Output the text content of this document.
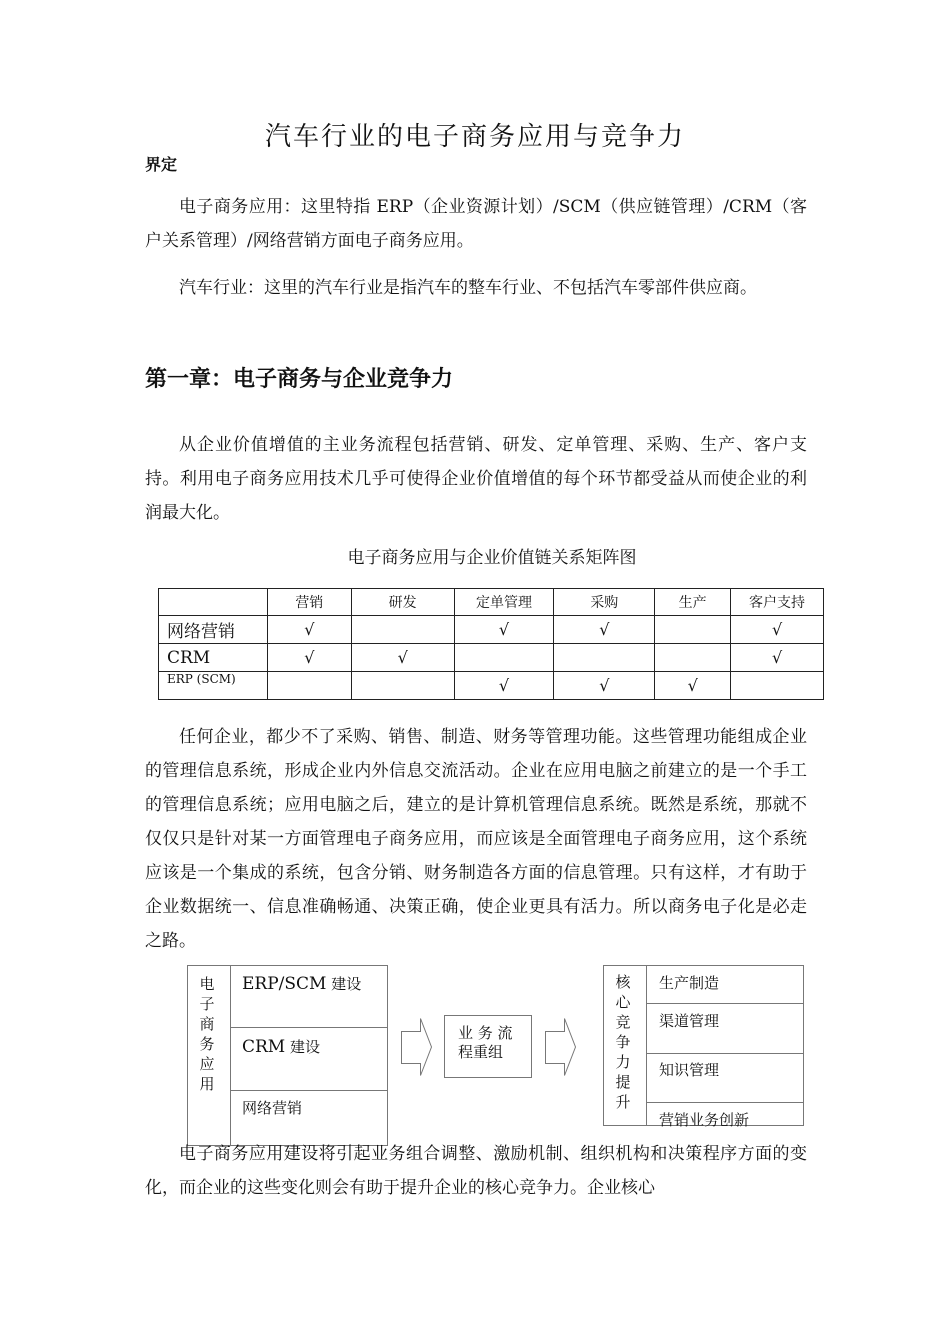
汽车行业的电子商务应用与竞争力
界定

电子商务应用：这里特指 ERP（企业资源计划）/SCM（供应链管理）/CRM（客户关系管理）/网络营销方面电子商务应用。

汽车行业：这里的汽车行业是指汽车的整车行业、不包括汽车零部件供应商。

第一章：电子商务与企业竞争力

从企业价值增值的主业务流程包括营销、研发、定单管理、采购、生产、客户支持。利用电子商务应用技术几乎可使得企业价值增值的每个环节都受益从而使企业的利润最大化。

电子商务应用与企业价值链关系矩阵图
	营销	研发	定单管理	采购	生产	客户支持
网络营销	√		√	√		√
CRM	√	√				√
ERP (SCM)			√	√	√	

任何企业，都少不了采购、销售、制造、财务等管理功能。这些管理功能组成企业的管理信息系统，形成企业内外信息交流活动。企业在应用电脑之前建立的是一个手工的管理信息系统；应用电脑之后，建立的是计算机管理信息系统。既然是系统，那就不仅仅只是针对某一方面管理电子商务应用，而应该是全面管理电子商务应用，这个系统应该是一个集成的系统，包含分销、财务制造各方面的信息管理。只有这样，才有助于企业数据统一、信息准确畅通、决策正确，使企业更具有活力。所以商务电子化是必走之路。

电
子
商
务
应
用
ERP/SCM 建设
CRM 建设
网络营销
业 务 流
程重组
核
心
竞
争
力
提
升
生产制造
渠道管理
知识管理
营销业务创新

电子商务应用建设将引起业务组合调整、激励机制、组织机构和决策程序方面的变化，而企业的这些变化则会有助于提升企业的核心竞争力。企业核心
